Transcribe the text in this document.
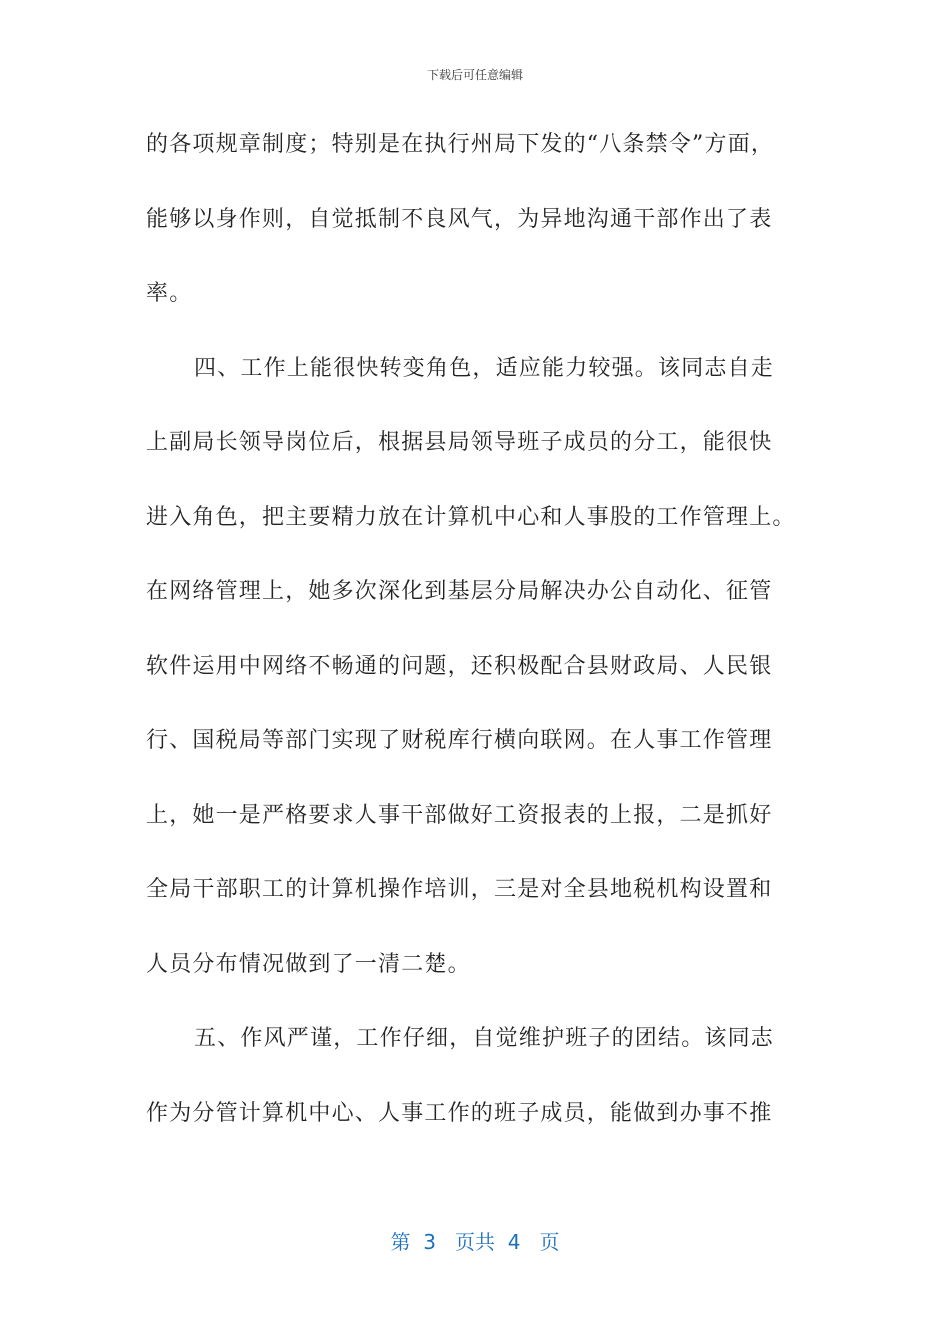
下载后可任意编辑
的各项规章制度；特别是在执行州局下发的“八条禁令”方面，
能够以身作则，自觉抵制不良风气，为异地沟通干部作出了表
率。
四、工作上能很快转变角色，适应能力较强。该同志自走
上副局长领导岗位后，根据县局领导班子成员的分工，能很快
进入角色，把主要精力放在计算机中心和人事股的工作管理上。
在网络管理上，她多次深化到基层分局解决办公自动化、征管
软件运用中网络不畅通的问题，还积极配合县财政局、人民银
行、国税局等部门实现了财税库行横向联网。在人事工作管理
上，她一是严格要求人事干部做好工资报表的上报，二是抓好
全局干部职工的计算机操作培训，三是对全县地税机构设置和
人员分布情况做到了一清二楚。
五、作风严谨，工作仔细，自觉维护班子的团结。该同志
作为分管计算机中心、人事工作的班子成员，能做到办事不推
第  3   页共  4   页
